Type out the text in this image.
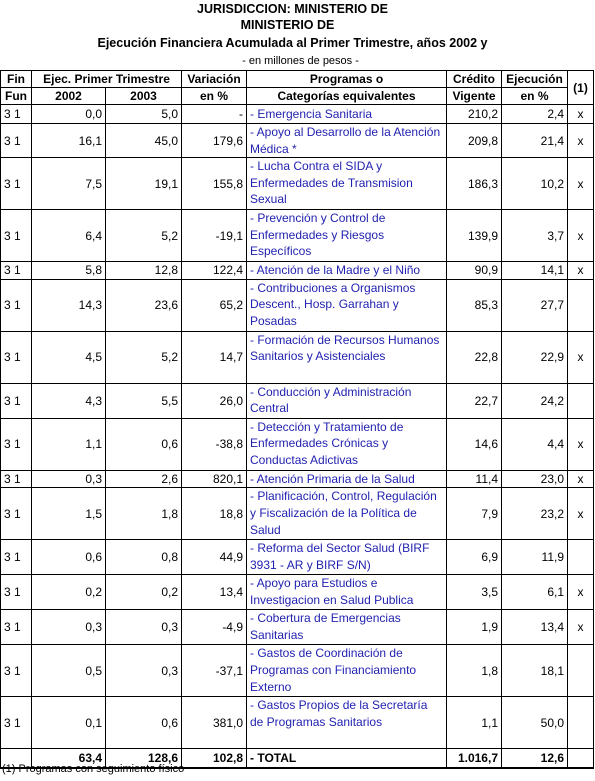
JURISDICCION: MINISTERIO DE
MINISTERIO DE
Ejecución Financiera Acumulada al Primer Trimestre, años 2002 y
- en millones de pesos -
Fin	Ejec. Primer Trimestre		Variación	Programas o	Crédito	Ejecución	(1)
Fun	2002	2003	en %	Categorías equivalentes	Vigente	en %	
3 1	0,0	5,0	-	- Emergencia Sanitaria	210,2	2,4	x
3 1	16,1	45,0	179,6	- Apoyo al Desarrollo de la Atención Médica *	209,8	21,4	x
3 1	7,5	19,1	155,8	- Lucha Contra el SIDA y Enfermedades de Transmision Sexual	186,3	10,2	x
3 1	6,4	5,2	-19,1	- Prevención y Control de Enfermedades y Riesgos Específicos	139,9	3,7	x
3 1	5,8	12,8	122,4	- Atención de la Madre y el Niño	90,9	14,1	x
3 1	14,3	23,6	65,2	- Contribuciones a Organismos Descent., Hosp. Garrahan y Posadas	85,3	27,7	
3 1	4,5	5,2	14,7	- Formación de Recursos Humanos Sanitarios y Asistenciales	22,8	22,9	x
3 1	4,3	5,5	26,0	- Conducción y Administración Central	22,7	24,2	
3 1	1,1	0,6	-38,8	- Detección y Tratamiento de Enfermedades Crónicas y Conductas Adictivas	14,6	4,4	x
3 1	0,3	2,6	820,1	- Atención Primaria de la Salud	11,4	23,0	x
3 1	1,5	1,8	18,8	- Planificación, Control, Regulación y Fiscalización de la Política de Salud	7,9	23,2	x
3 1	0,6	0,8	44,9	- Reforma del Sector Salud (BIRF 3931 - AR y BIRF S/N)	6,9	11,9	
3 1	0,2	0,2	13,4	- Apoyo para Estudios e Investigacion en Salud Publica	3,5	6,1	x
3 1	0,3	0,3	-4,9	- Cobertura de Emergencias Sanitarias	1,9	13,4	x
3 1	0,5	0,3	-37,1	- Gastos de Coordinación de Programas con Financiamiento Externo	1,8	18,1	
3 1	0,1	0,6	381,0	- Gastos Propios de la Secretaría de Programas Sanitarios	1,1	50,0	
	63,4	128,6	102,8	- TOTAL	1.016,7	12,6	
(1) Programas con seguimiento físico
